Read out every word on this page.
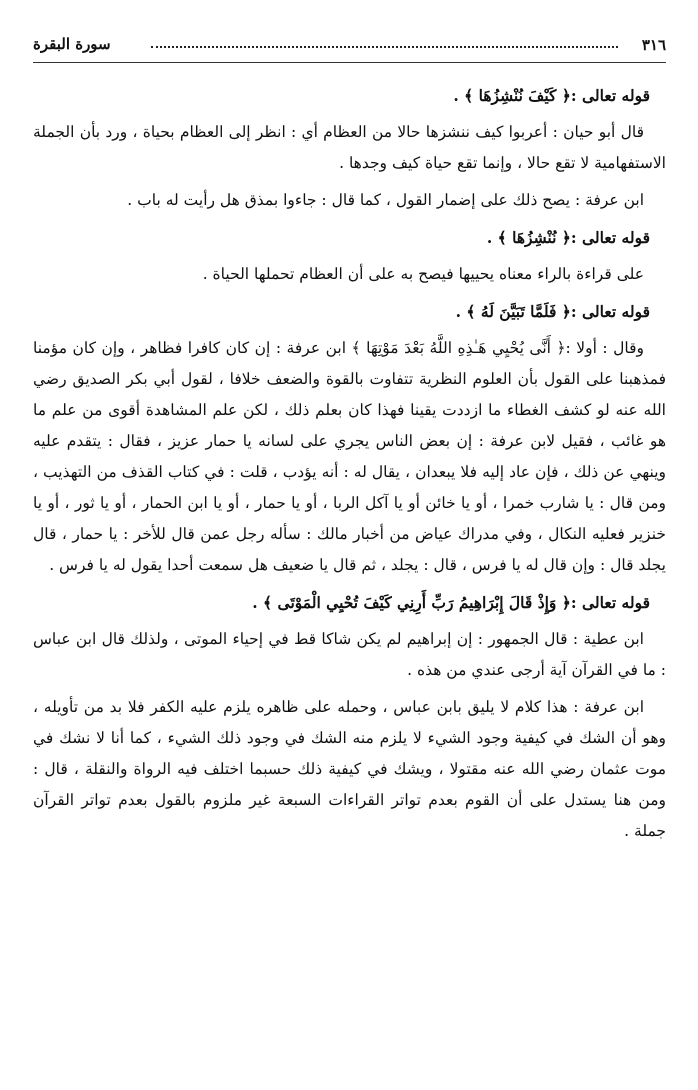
٣١٦
سورة البقرة

قوله تعالى :﴿ كَيْفَ نُنْشِزُهَا ﴾ .

قال أبو حيان : أعربوا كيف ننشزها حالا من العظام أي : انظر إلى العظام بحياة ، ورد بأن الجملة الاستفهامية لا تقع حالا ، وإنما تقع حياة كيف وجدها .

ابن عرفة : يصح ذلك على إضمار القول ، كما قال : جاءوا بمذق هل رأيت له باب .

قوله تعالى :﴿ نُنْشِزُهَا ﴾ .

على قراءة بالراء معناه يحييها فيصح به على أن العظام تحملها الحياة .

قوله تعالى :﴿ فَلَمَّا تَبَيَّنَ لَهُ ﴾ .

وقال : أولا :﴿ أَنَّى يُحْيِي هَـٰذِهِ اللَّهُ بَعْدَ مَوْتِهَا ﴾ ابن عرفة : إن كان كافرا فظاهر ، وإن كان مؤمنا فمذهبنا على القول بأن العلوم النظرية تتفاوت بالقوة والضعف خلافا ، لقول أبي بكر الصديق رضي الله عنه لو كشف الغطاء ما ازددت يقينا فهذا كان بعلم ذلك ، لكن علم المشاهدة أقوى من علم ما هو غائب ، فقيل لابن عرفة : إن بعض الناس يجري على لسانه يا حمار عزيز ، فقال : يتقدم عليه وينهي عن ذلك ، فإن عاد إليه فلا يبعدان ، يقال له : أنه يؤدب ، قلت : في كتاب القذف من التهذيب ، ومن قال : يا شارب خمرا ، أو يا خائن أو يا آكل الربا ، أو يا حمار ، أو يا ابن الحمار ، أو يا ثور ، أو يا خنزير فعليه النكال ، وفي مدراك عياض من أخبار مالك : سأله رجل عمن قال للأخر : يا حمار ، قال يجلد قال : وإن قال له يا فرس ، قال : يجلد ، ثم قال يا ضعيف هل سمعت أحدا يقول له يا فرس .

قوله تعالى :﴿ وَإِذْ قَالَ إِبْرَاهِيمُ رَبِّ أَرِنِي كَيْفَ تُحْيِي الْمَوْتَى ﴾ .

ابن عطية : قال الجمهور : إن إبراهيم لم يكن شاكا قط في إحياء الموتى ، ولذلك قال ابن عباس : ما في القرآن آية أرجى عندي من هذه .

ابن عرفة : هذا كلام لا يليق بابن عباس ، وحمله على ظاهره يلزم عليه الكفر فلا بد من تأويله ، وهو أن الشك في كيفية وجود الشيء لا يلزم منه الشك في وجود ذلك الشيء ، كما أنا لا نشك في موت عثمان رضي الله عنه مقتولا ، ويشك في كيفية ذلك حسبما اختلف فيه الرواة والنقلة ، قال : ومن هنا يستدل على أن القوم بعدم تواتر القراءات السبعة غير ملزوم بالقول بعدم تواتر القرآن جملة .
